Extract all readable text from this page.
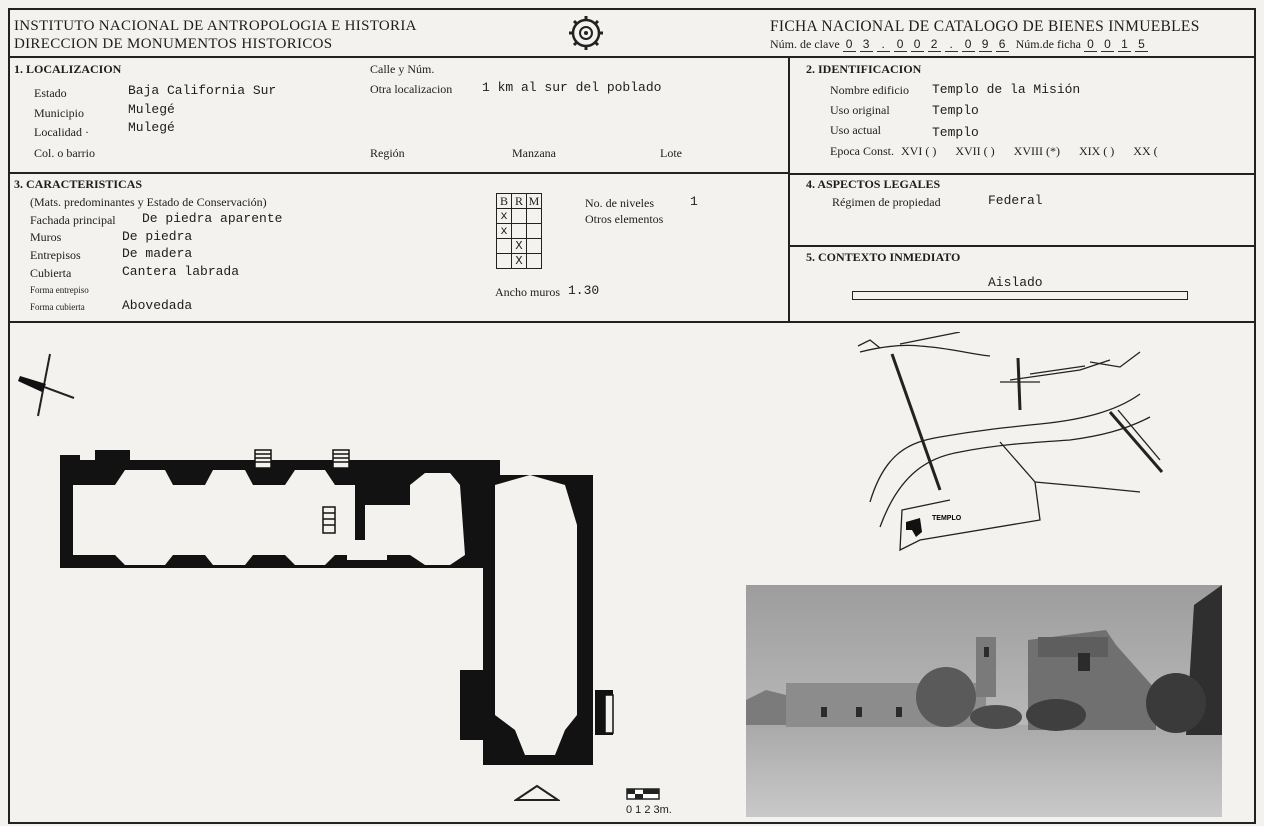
INSTITUTO NACIONAL DE ANTROPOLOGIA E HISTORIA
DIRECCION DE MONUMENTOS HISTORICOS
FICHA NACIONAL DE CATALOGO DE BIENES INMUEBLES
Núm. de clave 0 3 . 0 0 2 . 0 9 6 Núm.de ficha 0 0 1 5
1. LOCALIZACION
Estado	Baja California Sur
Municipio	Mulegé
Localidad ·	Mulegé
Col. o barrio
Calle y Núm.
Otra localizacion 1 km al sur del poblado
Región	Manzana	Lote
2. IDENTIFICACION
Nombre edificio Templo de la Misión
Uso original	Templo
Uso actual	Templo
Epoca Const. XVI ( ) XVII ( ) XVIII (*) XIX ( ) XX (
3. CARACTERISTICAS
(Mats. predominantes y Estado de Conservación)
Fachada principal De piedra aparente
Muros	De piedra
Entrepisos	De madera
Cubierta	Cantera labrada
Forma entrepiso
Forma cubierta	Abovedada
B	R	M
x		
x		
	X	
	X	
No. de niveles	1
Otros elementos
Ancho muros 1.30
4. ASPECTOS LEGALES
Régimen de propiedad	Federal
5. CONTEXTO INMEDIATO
Aislado
0 1 2 3m.
TEMPLO
